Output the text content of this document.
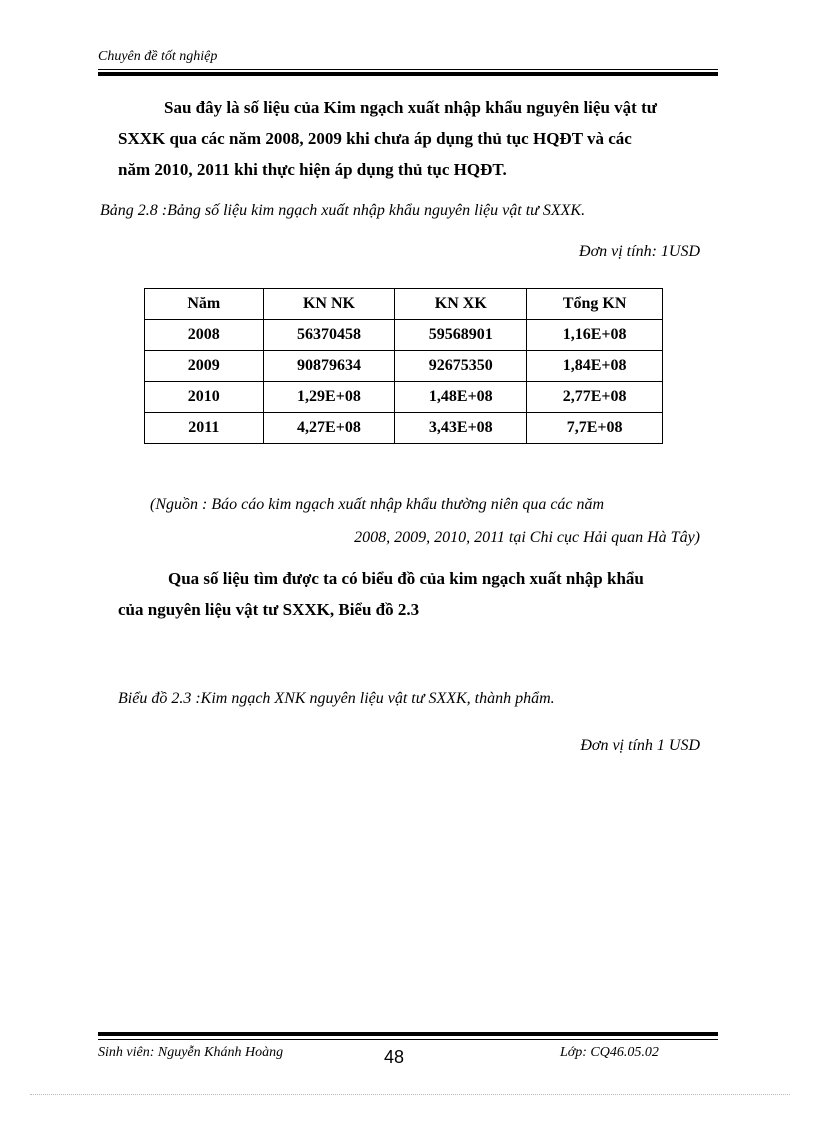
Chuyên đề tốt nghiệp
Sau đây là số liệu của Kim ngạch xuất nhập khẩu nguyên liệu vật tư
SXXK qua các năm 2008, 2009 khi chưa áp dụng thủ tục HQĐT và các
năm 2010, 2011 khi thực hiện áp dụng thủ tục HQĐT.
Bảng 2.8 :Bảng số liệu kim ngạch xuất nhập khẩu nguyên liệu vật tư SXXK.
Đơn vị tính: 1USD
Năm	KN NK	KN XK	Tổng KN
2008	56370458	59568901	1,16E+08
2009	90879634	92675350	1,84E+08
2010	1,29E+08	1,48E+08	2,77E+08
2011	4,27E+08	3,43E+08	7,7E+08
(Nguồn : Báo cáo kim ngạch xuất nhập khẩu thường niên qua các năm
2008, 2009, 2010, 2011 tại Chi cục Hải quan Hà Tây)
Qua số liệu tìm được ta có biểu đồ của kim ngạch xuất nhập khẩu
của nguyên liệu vật tư SXXK, Biểu đồ 2.3
Biểu đồ 2.3 :Kim ngạch XNK nguyên liệu vật tư SXXK, thành phẩm.
Đơn vị tính 1 USD
Sinh viên: Nguyễn Khánh Hoàng	48	Lớp: CQ46.05.02
